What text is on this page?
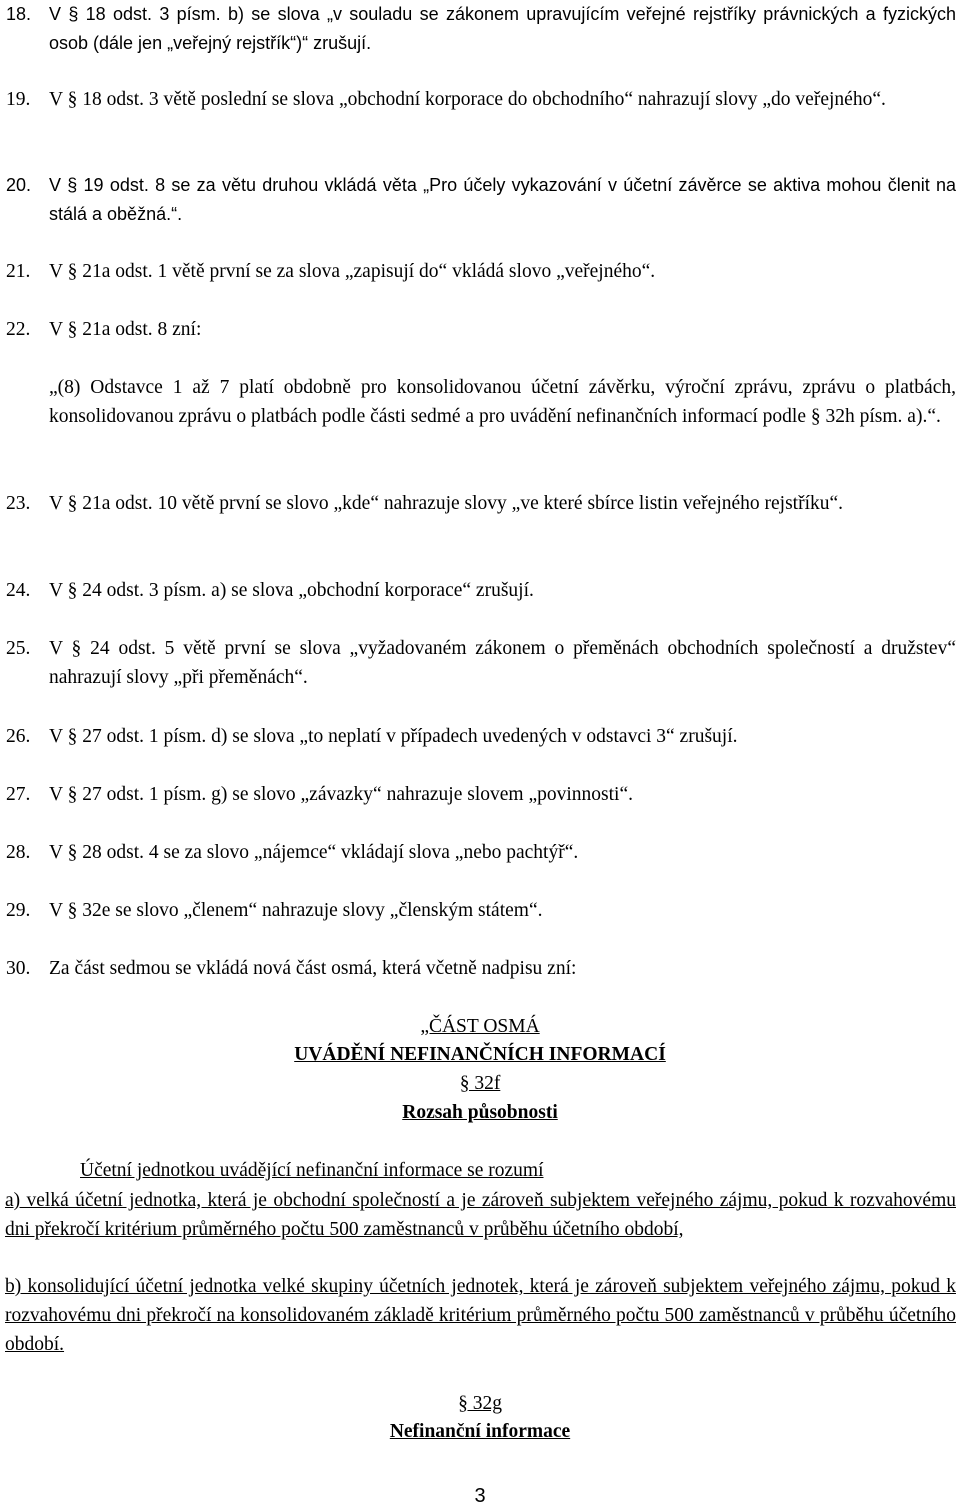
18. V § 18 odst. 3 písm. b) se slova „v souladu se zákonem upravujícím veřejné rejstříky právnických a fyzických osob (dále jen „veřejný rejstřík“)“ zrušují.
19. V § 18 odst. 3 větě poslední se slova „obchodní korporace do obchodního“ nahrazují slovy „do veřejného“.
20. V § 19 odst. 8 se za větu druhou vkládá věta „Pro účely vykazování v účetní závěrce se aktiva mohou členit na stálá a oběžná.“.
21. V § 21a odst. 1 větě první se za slova „zapisují do“ vkládá slovo „veřejného“.
22. V § 21a odst. 8 zní:
„(8) Odstavce 1 až 7 platí obdobně pro konsolidovanou účetní závěrku, výroční zprávu, zprávu o platbách, konsolidovanou zprávu o platbách podle části sedmé a pro uvádění nefinančních informací podle § 32h písm. a).“.
23. V § 21a odst. 10 větě první se slovo „kde“ nahrazuje slovy „ve které sbírce listin veřejného rejstříku“.
24. V § 24 odst. 3 písm. a) se slova „obchodní korporace“ zrušují.
25. V § 24 odst. 5 větě první se slova „vyžadovaném zákonem o přeměnách obchodních společností a družstev“ nahrazují slovy „při přeměnách“.
26. V § 27 odst. 1 písm. d) se slova „to neplatí v případech uvedených v odstavci 3“ zrušují.
27. V § 27 odst. 1 písm. g) se slovo „závazky“ nahrazuje slovem „povinnosti“.
28. V § 28 odst. 4 se za slovo „nájemce“ vkládají slova „nebo pachtýř“.
29. V § 32e se slovo „členem“ nahrazuje slovy „členským státem“.
30. Za část sedmou se vkládá nová část osmá, která včetně nadpisu zní:
„ČÁST OSMÁ
UVÁDĚNÍ NEFINANČNÍCH INFORMACÍ
§ 32f
Rozsah působnosti
Účetní jednotkou uvádějící nefinanční informace se rozumí
a) velká účetní jednotka, která je obchodní společností a je zároveň subjektem veřejného zájmu, pokud k rozvahovému dni překročí kritérium průměrného počtu 500 zaměstnanců v průběhu účetního období,
b) konsolidující účetní jednotka velké skupiny účetních jednotek, která je zároveň subjektem veřejného zájmu, pokud k rozvahovému dni překročí na konsolidovaném základě kritérium průměrného počtu 500 zaměstnanců v průběhu účetního období.
§ 32g
Nefinanční informace
3
